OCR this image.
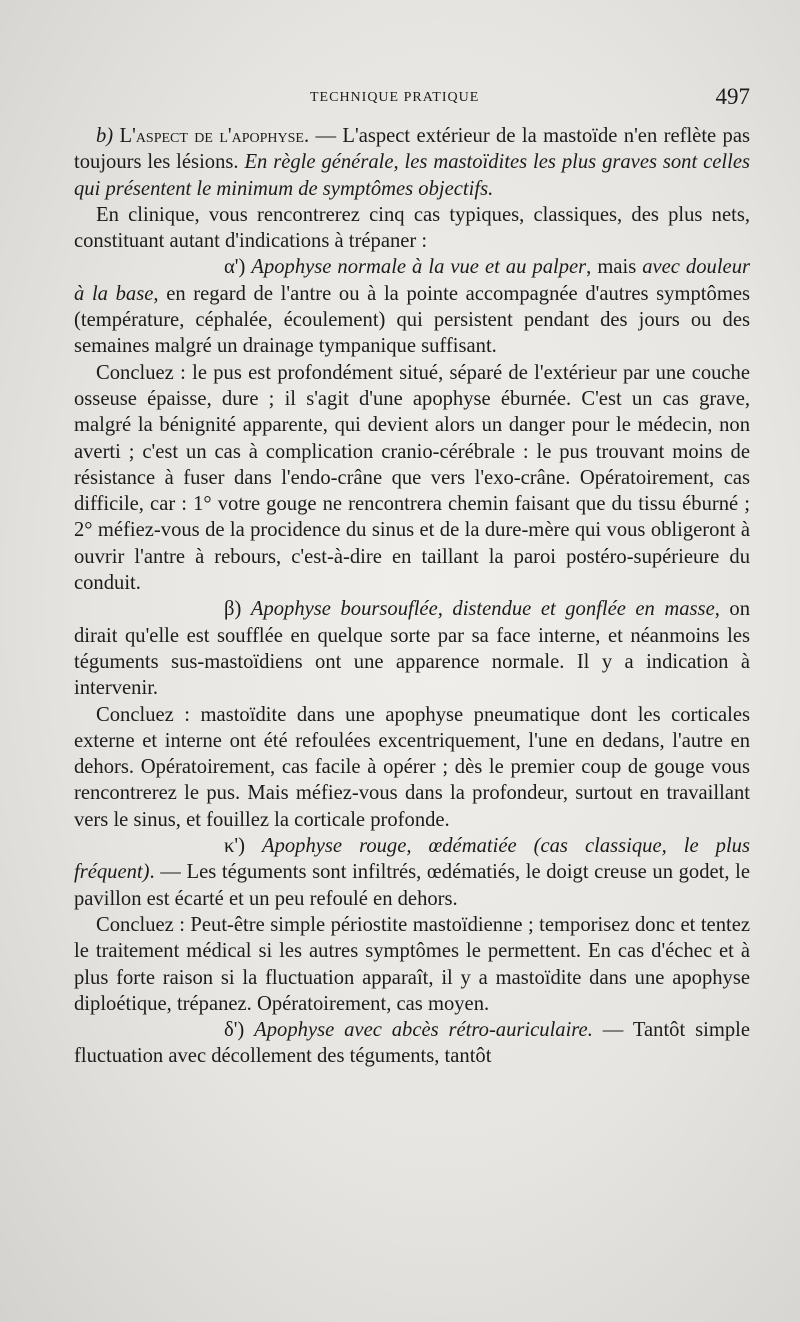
TECHNIQUE PRATIQUE	497

b) L'aspect de l'apophyse. — L'aspect extérieur de la mastoïde n'en reflète pas toujours les lésions. En règle générale, les mastoïdites les plus graves sont celles qui présentent le minimum de symptômes objectifs.

En clinique, vous rencontrerez cinq cas typiques, classiques, des plus nets, constituant autant d'indications à trépaner :

α') Apophyse normale à la vue et au palper, mais avec douleur à la base, en regard de l'antre ou à la pointe accompagnée d'autres symptômes (température, céphalée, écoulement) qui persistent pendant des jours ou des semaines malgré un drainage tympanique suffisant.

Concluez : le pus est profondément situé, séparé de l'extérieur par une couche osseuse épaisse, dure ; il s'agit d'une apophyse éburnée. C'est un cas grave, malgré la bénignité apparente, qui devient alors un danger pour le médecin, non averti ; c'est un cas à complication cranio-cérébrale : le pus trouvant moins de résistance à fuser dans l'endo-crâne que vers l'exo-crâne. Opératoirement, cas difficile, car : 1° votre gouge ne rencontrera chemin faisant que du tissu éburné ; 2° méfiez-vous de la procidence du sinus et de la dure-mère qui vous obligeront à ouvrir l'antre à rebours, c'est-à-dire en taillant la paroi postéro-supérieure du conduit.

β) Apophyse boursouflée, distendue et gonflée en masse, on dirait qu'elle est soufflée en quelque sorte par sa face interne, et néanmoins les téguments sus-mastoïdiens ont une apparence normale. Il y a indication à intervenir.

Concluez : mastoïdite dans une apophyse pneumatique dont les corticales externe et interne ont été refoulées excentriquement, l'une en dedans, l'autre en dehors. Opératoirement, cas facile à opérer ; dès le premier coup de gouge vous rencontrerez le pus. Mais méfiez-vous dans la profondeur, surtout en travaillant vers le sinus, et fouillez la corticale profonde.

κ') Apophyse rouge, œdématiée (cas classique, le plus fréquent). — Les téguments sont infiltrés, œdématiés, le doigt creuse un godet, le pavillon est écarté et un peu refoulé en dehors.

Concluez : Peut-être simple périostite mastoïdienne ; temporisez donc et tentez le traitement médical si les autres symptômes le permettent. En cas d'échec et à plus forte raison si la fluctuation apparaît, il y a mastoïdite dans une apophyse diploétique, trépanez. Opératoirement, cas moyen.

δ') Apophyse avec abcès rétro-auriculaire. — Tantôt simple fluctuation avec décollement des téguments, tantôt
